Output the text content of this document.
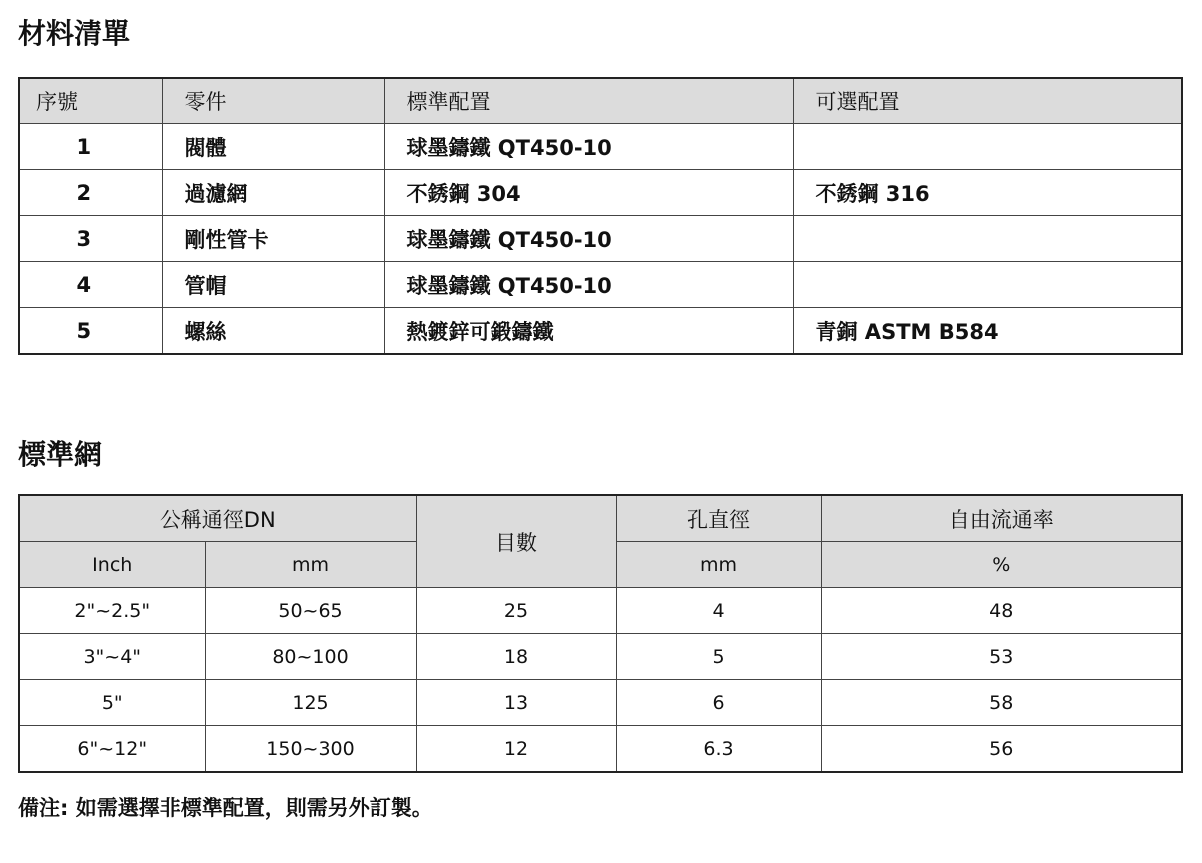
材料清單
序號	零件	標準配置	可選配置
1	閥體	球墨鑄鐵 QT450-10	
2	過濾網	不銹鋼 304	不銹鋼 316
3	剛性管卡	球墨鑄鐵 QT450-10	
4	管帽	球墨鑄鐵 QT450-10	
5	螺絲	熱鍍鋅可鍛鑄鐵	青銅 ASTM B584
標準網
公稱通徑DN		目數	孔直徑	自由流通率
Inch	mm		mm	%
2"~2.5"	50~65	25	4	48
3"~4"	80~100	18	5	53
5"	125	13	6	58
6"~12"	150~300	12	6.3	56

備注: 如需選擇非標準配置，則需另外訂製。
